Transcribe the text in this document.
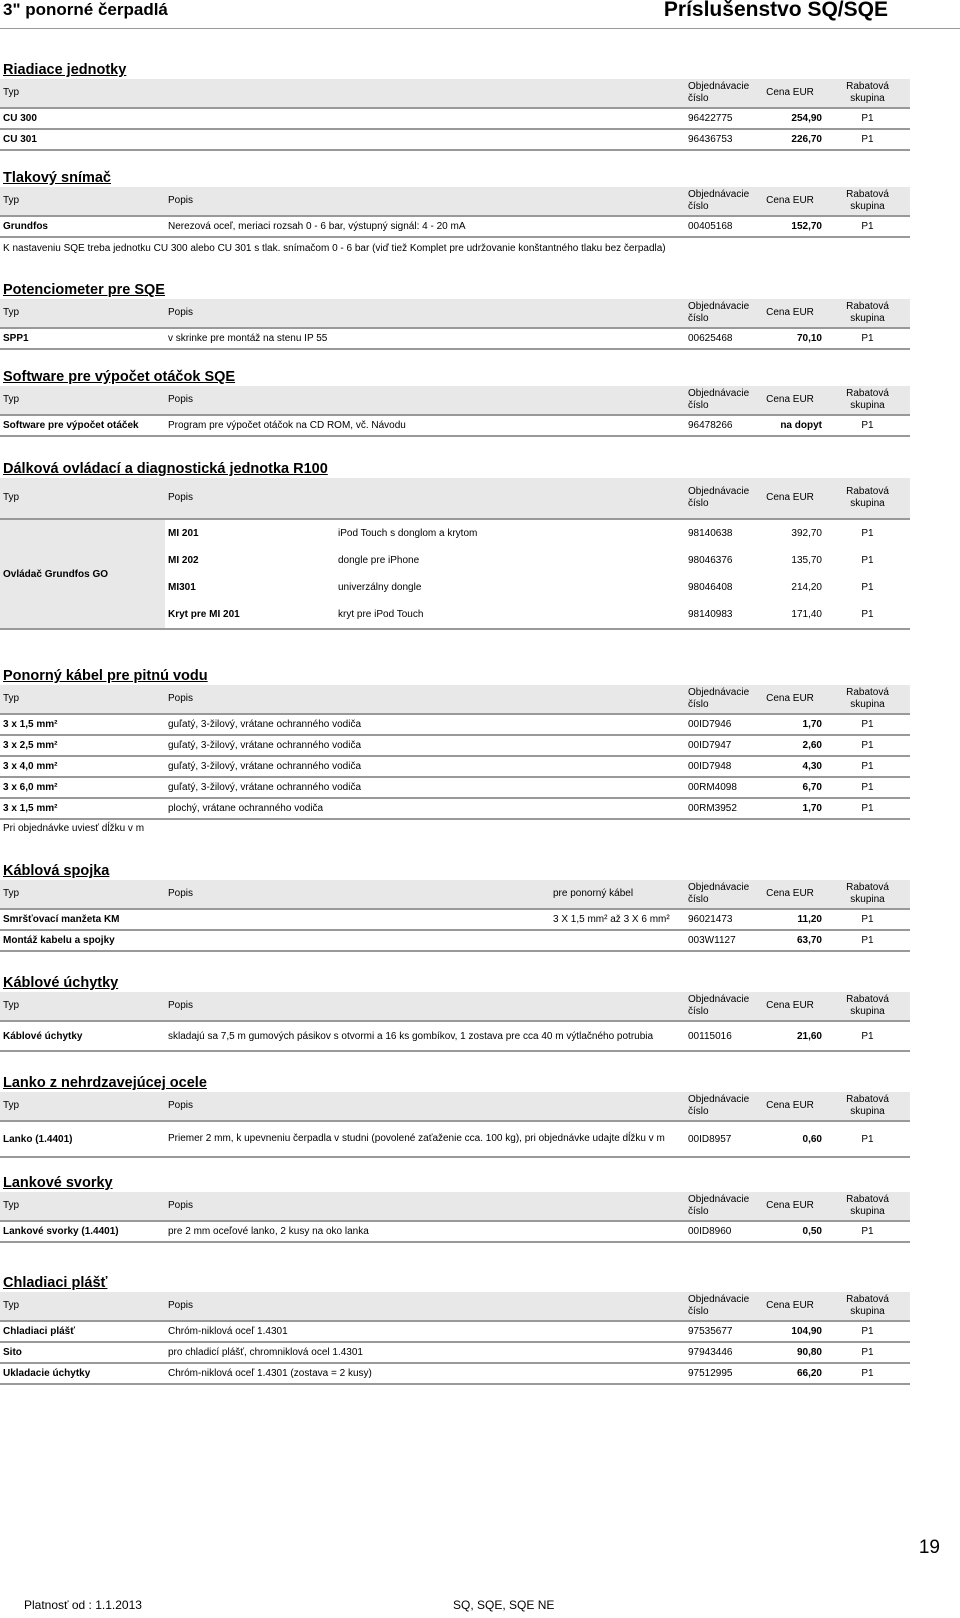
3" ponorné čerpadlá	Príslušenstvo SQ/SQE
Riadiace jednotky
Typ		Objednávacie
číslo	Cena EUR	Rabatová
skupina
CU 300		96422775	254,90	P1
CU 301		96436753	226,70	P1
Tlakový snímač
Typ	Popis	Objednávacie
číslo	Cena EUR	Rabatová
skupina
Grundfos	Nerezová oceľ, meriaci rozsah 0 - 6 bar, výstupný signál: 4 - 20 mA	00405168	152,70	P1
K nastaveniu SQE treba jednotku CU 300 alebo CU 301 s tlak. snímačom 0 - 6 bar (viď tiež Komplet pre udržovanie konštantného tlaku bez čerpadla)
Potenciometer pre SQE
Typ	Popis	Objednávacie
číslo	Cena EUR	Rabatová
skupina
SPP1	v skrinke pre montáž na stenu IP 55	00625468	70,10	P1
Software pre výpočet otáčok SQE
Typ	Popis	Objednávacie
číslo	Cena EUR	Rabatová
skupina
Software pre výpočet otáček	Program pre výpočet otáčok na CD ROM, vč. Návodu	96478266	na dopyt	P1
Dálková ovládací a diagnostická jednotka R100
Typ	Popis		Objednávacie
číslo	Cena EUR	Rabatová
skupina
Ovládač Grundfos GO	MI 201	iPod Touch s donglom a krytom	98140638	392,70	P1
	MI 202	dongle pre iPhone	98046376	135,70	P1
	MI301	univerzálny dongle	98046408	214,20	P1
	Kryt pre MI 201	kryt pre iPod Touch	98140983	171,40	P1
Ponorný kábel pre pitnú vodu
Typ	Popis	Objednávacie
číslo	Cena EUR	Rabatová
skupina
3 x 1,5 mm²	guľatý, 3-žilový, vrátane ochranného vodiča	00ID7946	1,70	P1
3 x 2,5 mm²	guľatý, 3-žilový, vrátane ochranného vodiča	00ID7947	2,60	P1
3 x 4,0 mm²	guľatý, 3-žilový, vrátane ochranného vodiča	00ID7948	4,30	P1
3 x 6,0 mm²	guľatý, 3-žilový, vrátane ochranného vodiča	00RM4098	6,70	P1
3 x 1,5 mm²	plochý, vrátane ochranného vodiča	00RM3952	1,70	P1
Pri objednávke uviesť dĺžku v m
Káblová spojka
Typ	Popis	pre ponorný kábel	Objednávacie
číslo	Cena EUR	Rabatová
skupina
Smršťovací manžeta KM		3 X 1,5 mm² až 3 X 6 mm²	96021473	11,20	P1
Montáž kabelu a spojky			003W1127	63,70	P1
Káblové úchytky
Typ	Popis	Objednávacie
číslo	Cena EUR	Rabatová
skupina
Káblové úchytky	skladajú sa 7,5 m gumových pásikov s otvormi a 16 ks gombíkov, 1 zostava pre cca 40 m výtlačného potrubia	00115016	21,60	P1
Lanko z nehrdzavejúcej ocele
Typ	Popis	Objednávacie
číslo	Cena EUR	Rabatová
skupina
Lanko (1.4401)	Priemer 2 mm, k upevneniu čerpadla v studni (povolené zaťaženie cca. 100 kg), pri objednávke udajte dĺžku v m	00ID8957	0,60	P1
Lankové svorky
Typ	Popis	Objednávacie
číslo	Cena EUR	Rabatová
skupina
Lankové svorky (1.4401)	pre 2 mm oceľové lanko, 2 kusy na oko lanka	00ID8960	0,50	P1
Chladiaci plášť
Typ	Popis	Objednávacie
číslo	Cena EUR	Rabatová
skupina
Chladiaci plášť	Chróm-niklová oceľ 1.4301	97535677	104,90	P1
Sito	pro chladicí plášť, chromniklová ocel 1.4301	97943446	90,80	P1
Ukladacie úchytky	Chróm-niklová oceľ 1.4301 (zostava = 2 kusy)	97512995	66,20	P1
19
Platnosť od : 1.1.2013	SQ, SQE, SQE NE
